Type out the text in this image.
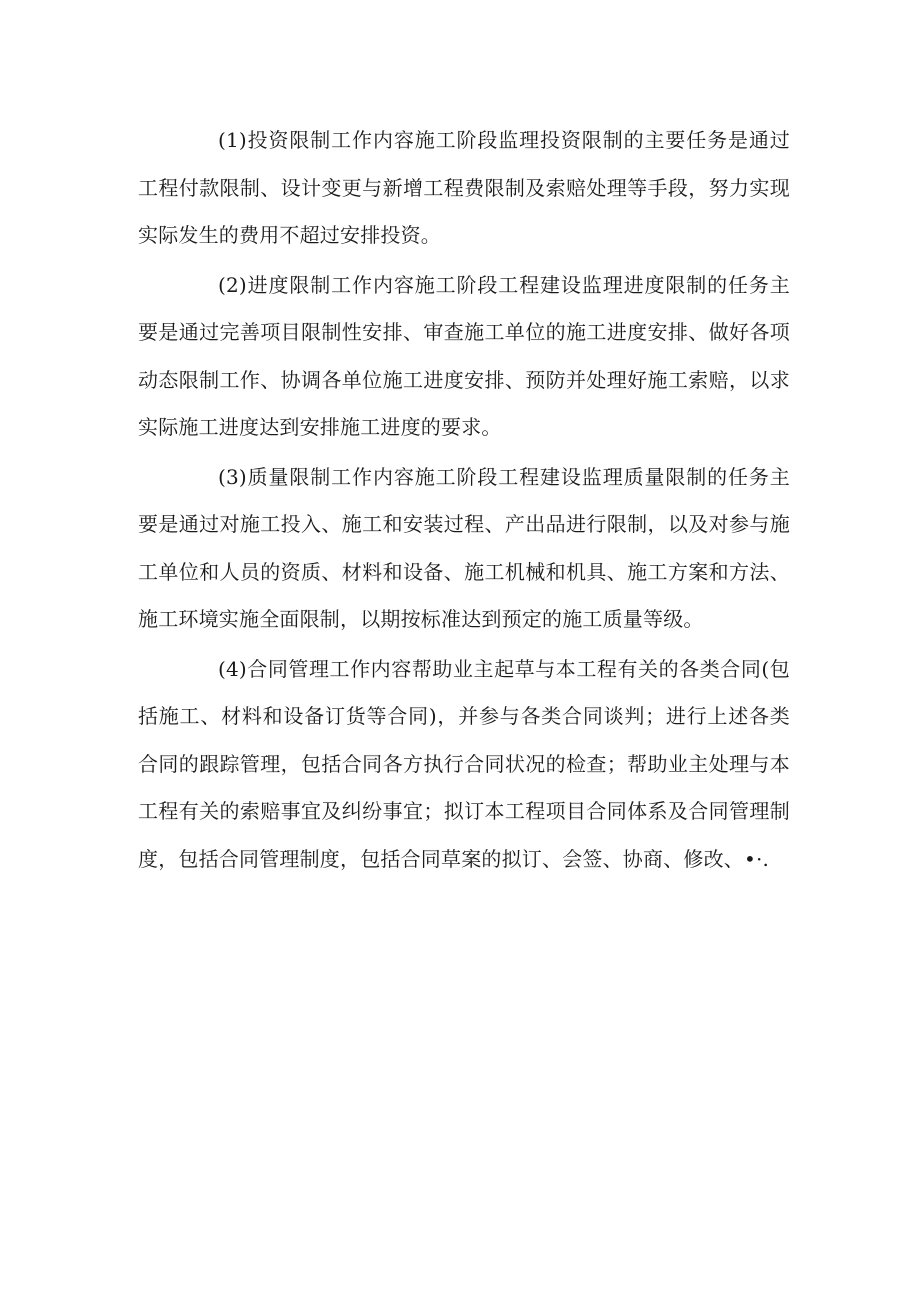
(1)投资限制工作内容施工阶段监理投资限制的主要任务是通过工程付款限制、设计变更与新增工程费限制及索赔处理等手段，努力实现实际发生的费用不超过安排投资。

(2)进度限制工作内容施工阶段工程建设监理进度限制的任务主要是通过完善项目限制性安排、审查施工单位的施工进度安排、做好各项动态限制工作、协调各单位施工进度安排、预防并处理好施工索赔，以求实际施工进度达到安排施工进度的要求。

(3)质量限制工作内容施工阶段工程建设监理质量限制的任务主要是通过对施工投入、施工和安装过程、产出品进行限制，以及对参与施工单位和人员的资质、材料和设备、施工机械和机具、施工方案和方法、施工环境实施全面限制，以期按标准达到预定的施工质量等级。

(4)合同管理工作内容帮助业主起草与本工程有关的各类合同(包括施工、材料和设备订货等合同)，并参与各类合同谈判；进行上述各类合同的跟踪管理，包括合同各方执行合同状况的检查；帮助业主处理与本工程有关的索赔事宜及纠纷事宜；拟订本工程项目合同体系及合同管理制度，包括合同管理制度，包括合同草案的拟订、会签、协商、修改、•·.
